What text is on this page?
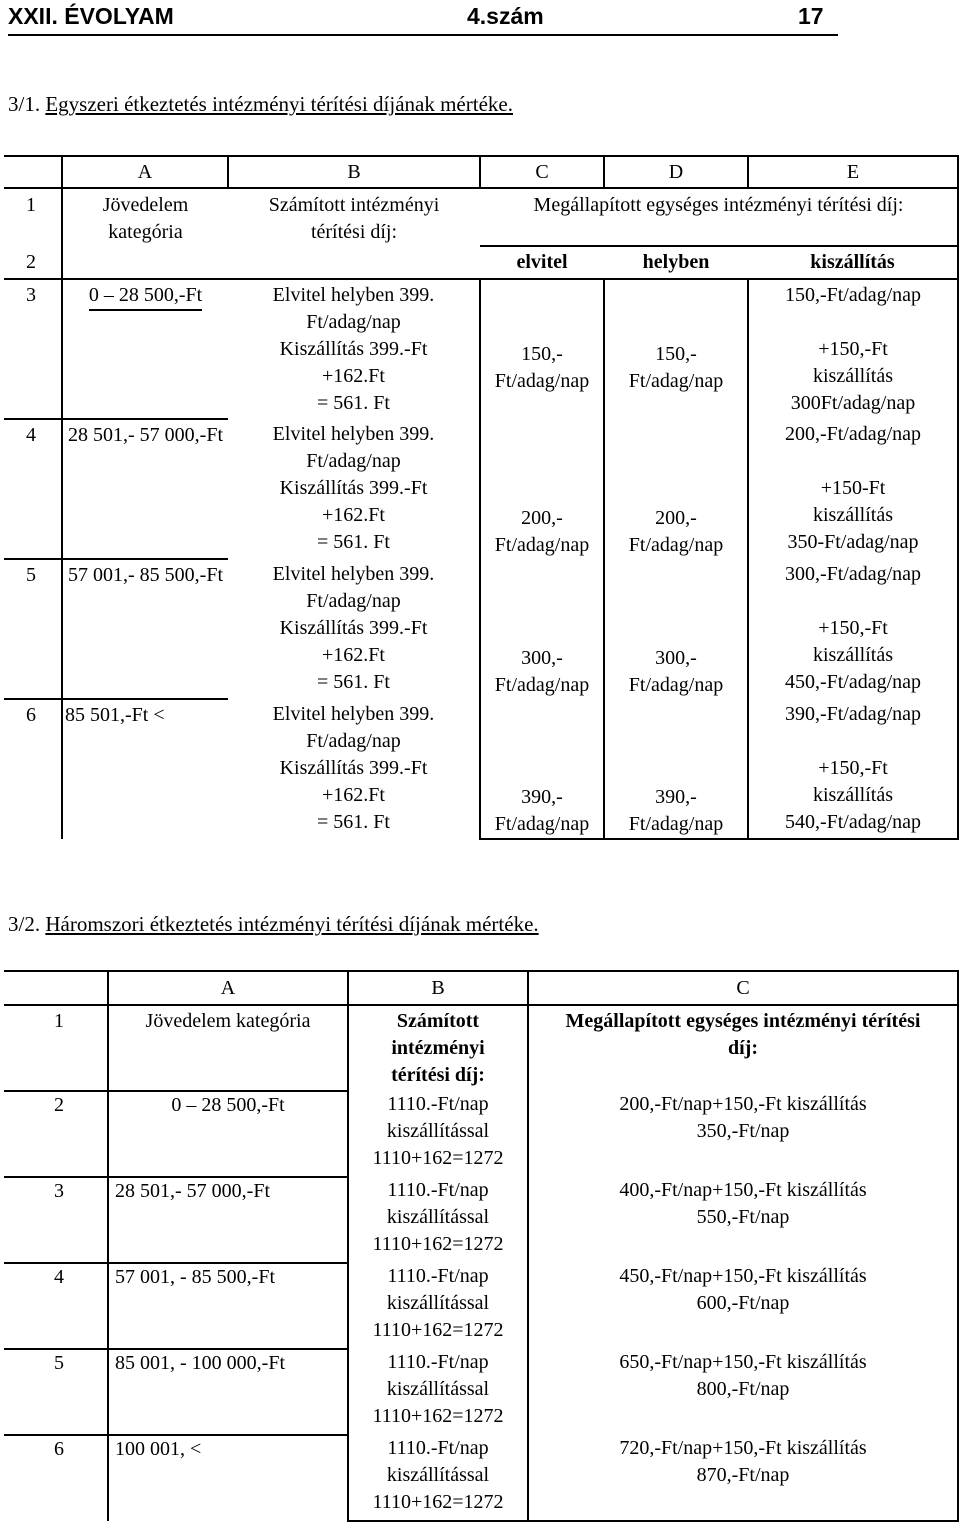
XXII. ÉVOLYAM	4.szám	17
3/1. Egyszeri étkeztetés intézményi térítési díjának mértéke.
	A	B	C	D	E
1	Jövedelem
kategória	Számított intézményi
térítési díj:	Megállapított egységes intézményi térítési díj:		
2			elvitel	helyben	kiszállítás
3	0 – 28 500,-Ft	Elvitel helyben 399.
Ft/adag/nap
Kiszállítás 399.-Ft
+162.Ft
= 561. Ft	150,-
Ft/adag/nap	150,-
Ft/adag/nap	150,-Ft/adag/nap
+150,-Ft
kiszállítás
300Ft/adag/nap

4	28 501,- 57 000,-Ft	Elvitel helyben 399.
Ft/adag/nap
Kiszállítás 399.-Ft
+162.Ft
= 561. Ft	200,-
Ft/adag/nap	200,-
Ft/adag/nap	200,-Ft/adag/nap
+150-Ft
kiszállítás
350-Ft/adag/nap

5	57 001,- 85 500,-Ft	Elvitel helyben 399.
Ft/adag/nap
Kiszállítás 399.-Ft
+162.Ft
= 561. Ft	300,-
Ft/adag/nap	300,-
Ft/adag/nap	300,-Ft/adag/nap
+150,-Ft
kiszállítás
450,-Ft/adag/nap

6	85 501,-Ft <	Elvitel helyben 399.
Ft/adag/nap
Kiszállítás 399.-Ft
+162.Ft
= 561. Ft	390,-
Ft/adag/nap	390,-
Ft/adag/nap	390,-Ft/adag/nap
+150,-Ft
kiszállítás
540,-Ft/adag/nap
3/2. Háromszori étkeztetés intézményi térítési díjának mértéke.
	A	B	C
1	Jövedelem kategória	Számított
intézményi
térítési díj:	Megállapított egységes intézményi térítési
díj:

2	0 – 28 500,-Ft	1110.-Ft/nap
kiszállítással
1110+162=1272	200,-Ft/nap+150,-Ft kiszállítás
350,-Ft/nap

3	28 501,- 57 000,-Ft	1110.-Ft/nap
kiszállítással
1110+162=1272	400,-Ft/nap+150,-Ft kiszállítás
550,-Ft/nap

4	57 001, - 85 500,-Ft	1110.-Ft/nap
kiszállítással
1110+162=1272	450,-Ft/nap+150,-Ft kiszállítás
600,-Ft/nap

5	85 001, - 100 000,-Ft	1110.-Ft/nap
kiszállítással
1110+162=1272	650,-Ft/nap+150,-Ft kiszállítás
800,-Ft/nap

6	100 001, <	1110.-Ft/nap
kiszállítással
1110+162=1272	720,-Ft/nap+150,-Ft kiszállítás
870,-Ft/nap
